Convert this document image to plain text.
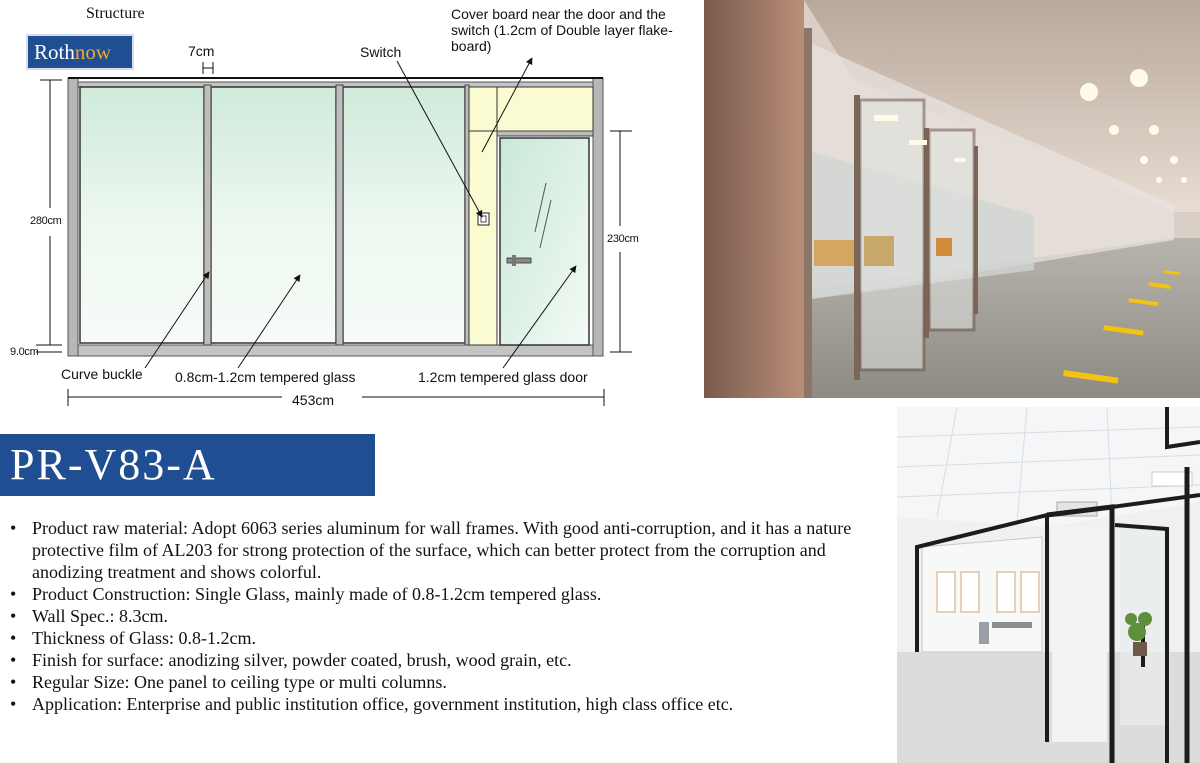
Structure
Rothnow	7cm	Switch
Cover board near the door and the switch (1.2cm of Double layer flake-board)
280cm
230cm
9.0cm
Curve buckle 0.8cm-1.2cm tempered glass	1.2cm tempered glass door
453cm
PR-V83-A
• Product raw material: Adopt 6063 series aluminum for wall frames. With good anti-corruption, and it has a nature protective film of AL203 for strong protection of the surface, which can better protect from the corruption and anodizing treatment and shows colorful.
• Product Construction: Single Glass, mainly made of 0.8-1.2cm tempered glass.
• Wall Spec.: 8.3cm.
• Thickness of Glass: 0.8-1.2cm.
• Finish for surface: anodizing silver, powder coated, brush, wood grain, etc.
• Regular Size: One panel to ceiling type or multi columns.
• Application: Enterprise and public institution office, government institution, high class office etc.
